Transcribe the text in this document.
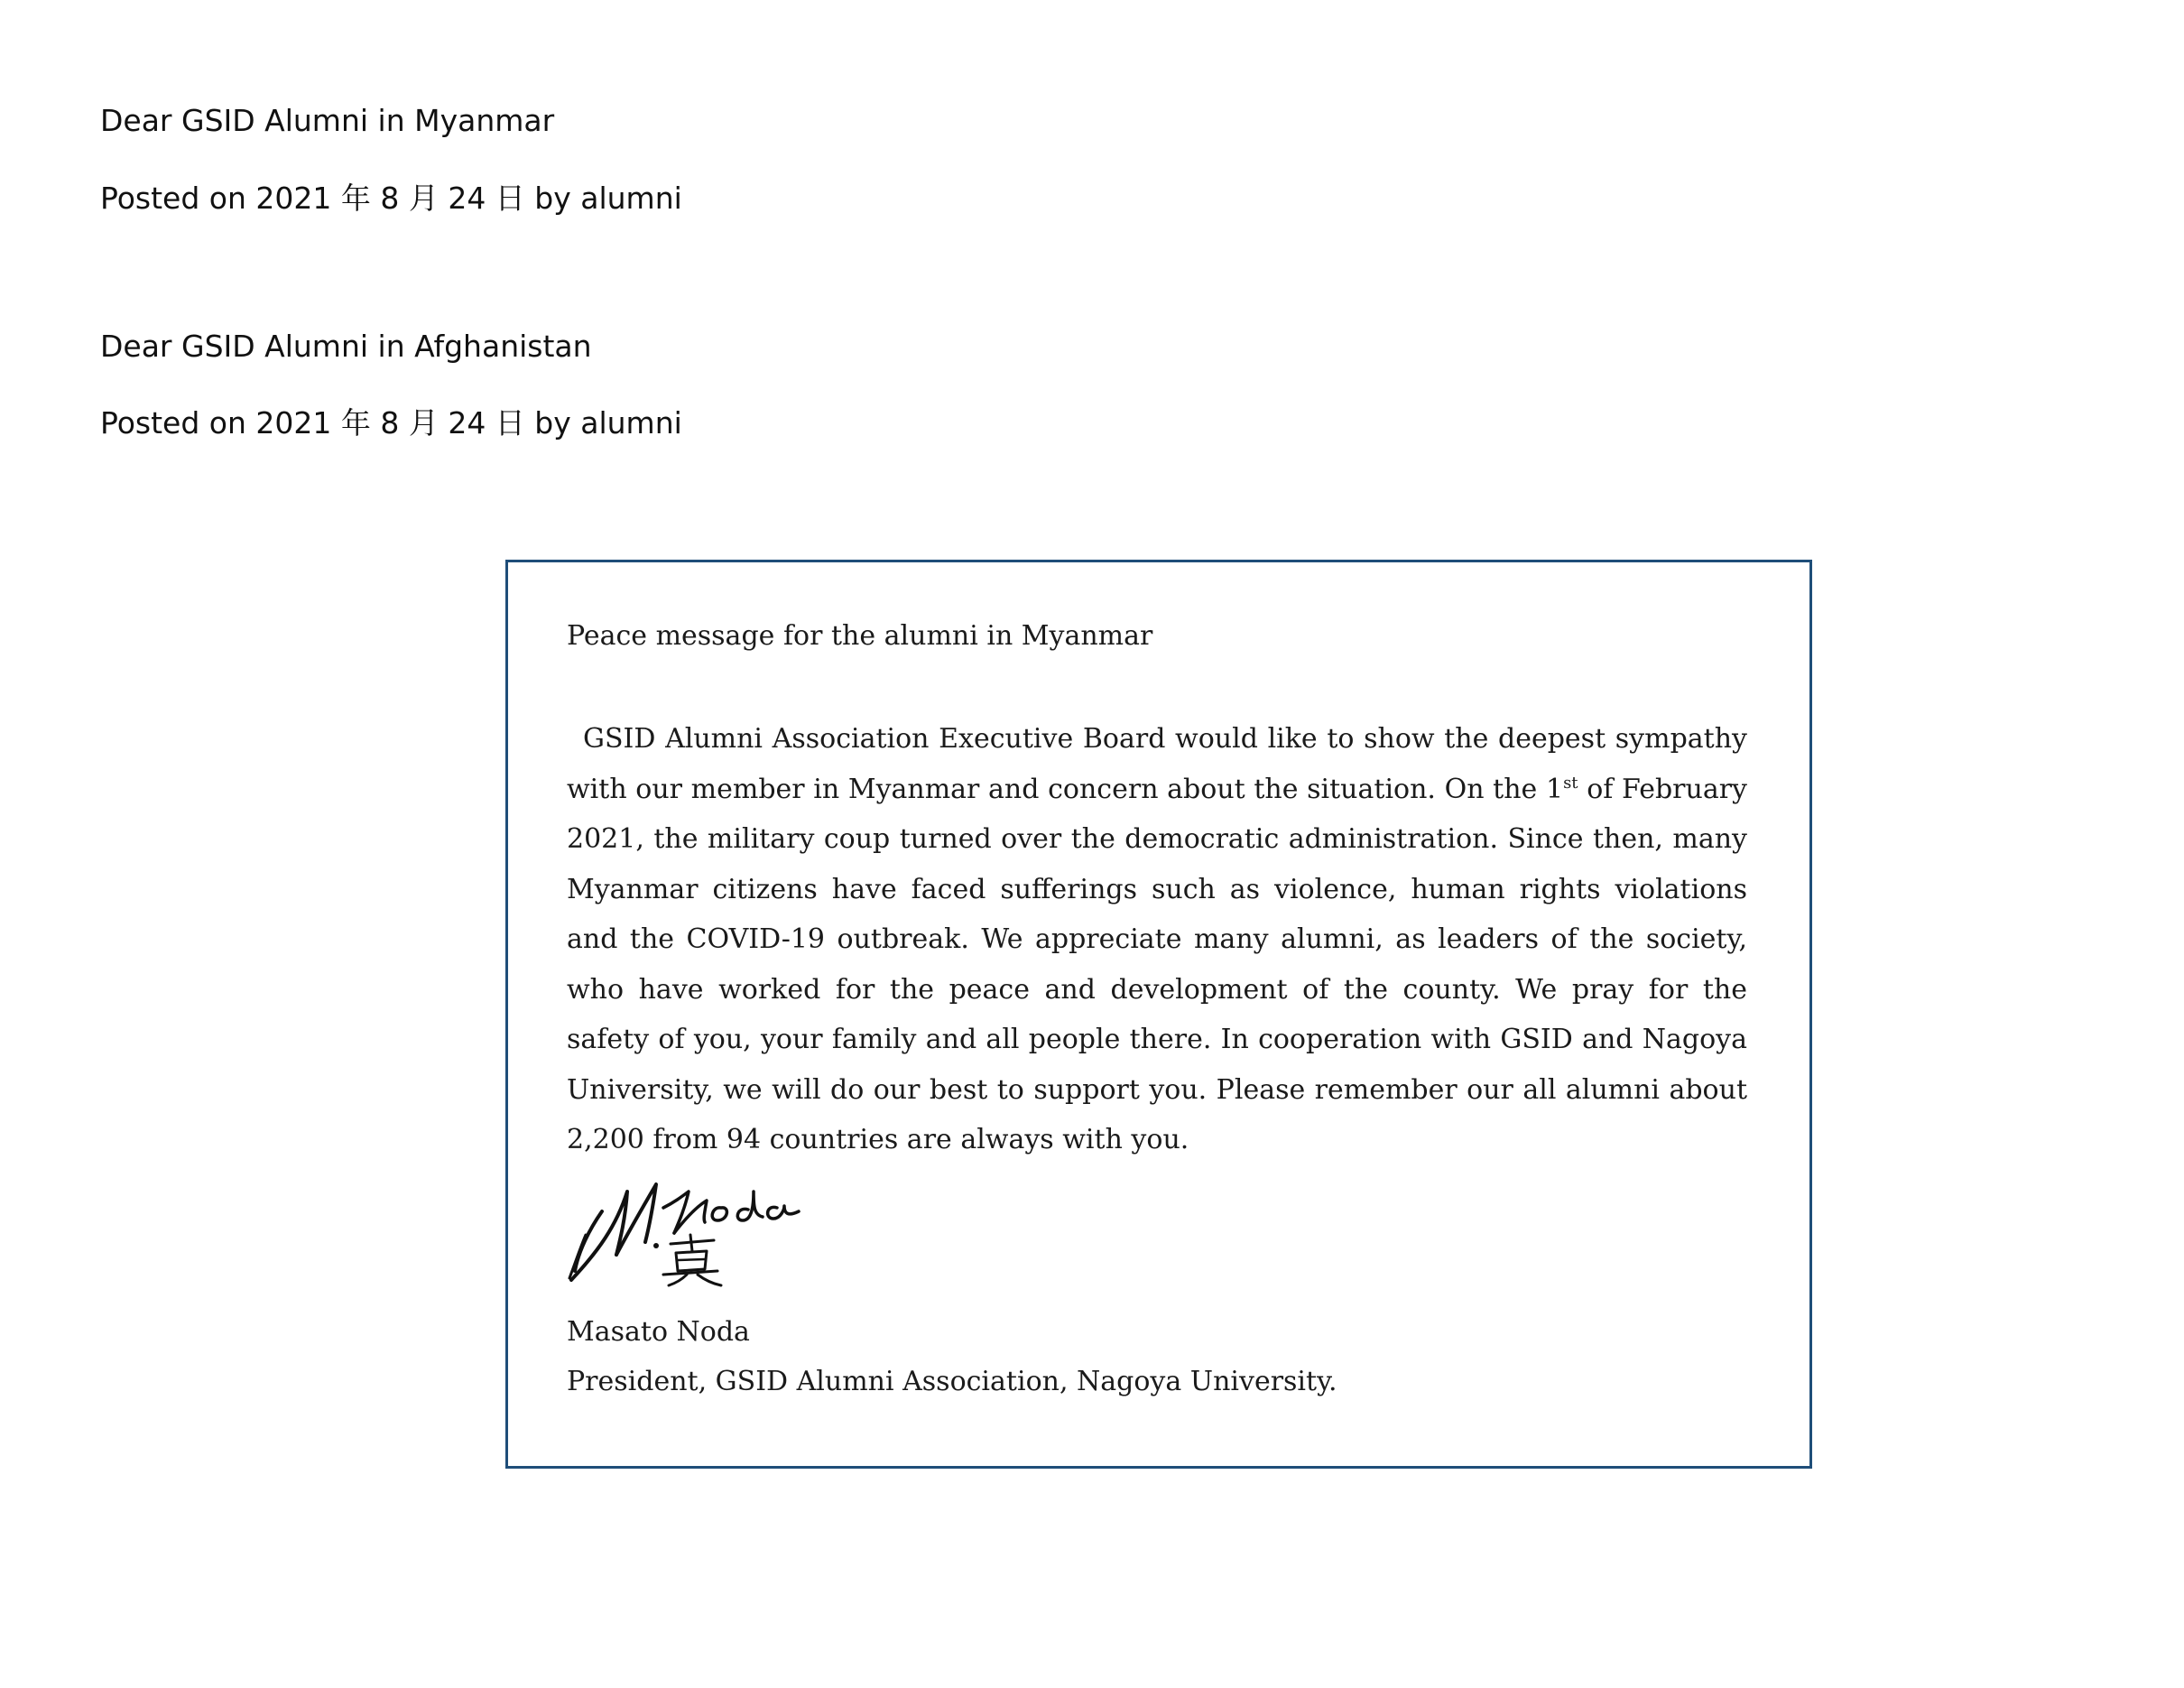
Dear GSID Alumni in Myanmar
Posted on 2021 年 8 月 24 日 by alumni
Dear GSID Alumni in Afghanistan
Posted on 2021 年 8 月 24 日 by alumni

Peace message for the alumni in Myanmar

GSID Alumni Association Executive Board would like to show the deepest sympathy with our member in Myanmar and concern about the situation. On the 1st of February 2021, the military coup turned over the democratic administration. Since then, many Myanmar citizens have faced sufferings such as violence, human rights violations and the COVID-19 outbreak. We appreciate many alumni, as leaders of the society, who have worked for the peace and development of the county. We pray for the safety of you, your family and all people there. In cooperation with GSID and Nagoya University, we will do our best to support you. Please remember our all alumni about 2,200 from 94 countries are always with you.

Masato Noda
President, GSID Alumni Association, Nagoya University.
